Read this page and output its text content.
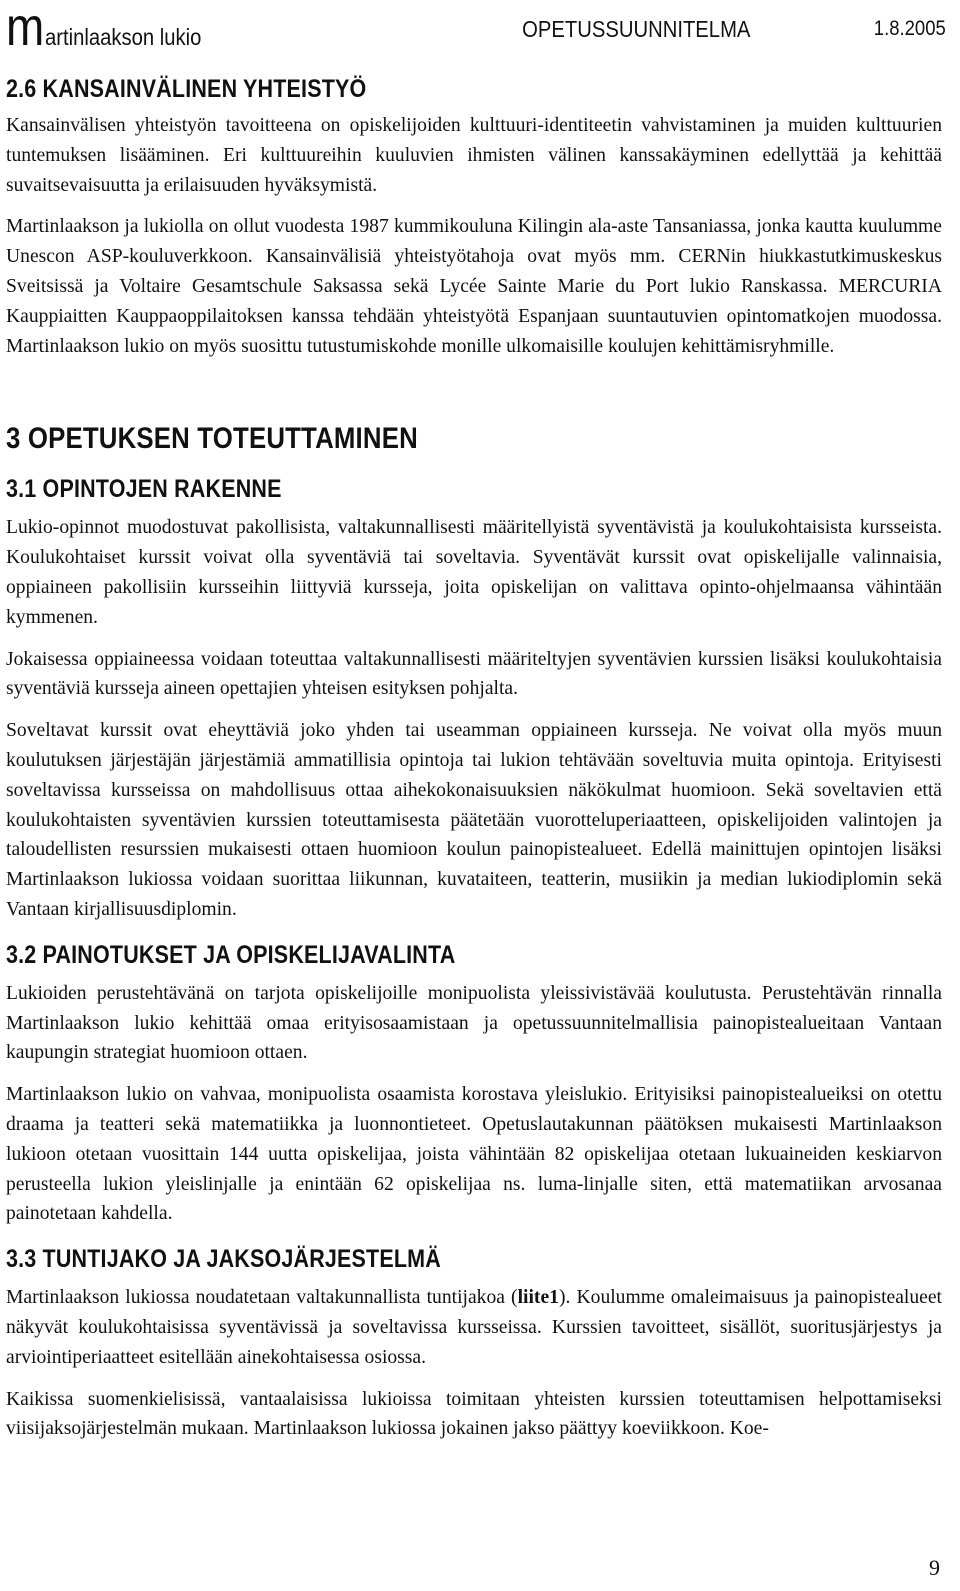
martinlaakson lukio	OPETUSSUUNNITELMA	1.8.2005
2.6 KANSAINVÄLINEN YHTEISTYÖ

Kansainvälisen yhteistyön tavoitteena on opiskelijoiden kulttuuri-identiteetin vahvistaminen ja muiden kulttuurien tuntemuksen lisääminen. Eri kulttuureihin kuuluvien ihmisten välinen kanssakäyminen edellyttää ja kehittää suvaitsevaisuutta ja erilaisuuden hyväksymistä.

Martinlaakson ja lukiolla on ollut vuodesta 1987 kummikouluna Kilingin ala-aste Tansaniassa, jonka kautta kuulumme Unescon ASP-kouluverkkoon. Kansainvälisiä yhteistyötahoja ovat myös mm. CERNin hiukkastutkimuskeskus Sveitsissä ja Voltaire Gesamtschule Saksassa sekä Lycée Sainte Marie du Port lukio Ranskassa. MERCURIA Kauppiaitten Kauppaoppilaitoksen kanssa tehdään yhteistyötä Espanjaan suuntautuvien opintomatkojen muodossa. Martinlaakson lukio on myös suosittu tutustumiskohde monille ulkomaisille koulujen kehittämisryhmille.

3 OPETUKSEN TOTEUTTAMINEN
3.1 OPINTOJEN RAKENNE

Lukio-opinnot muodostuvat pakollisista, valtakunnallisesti määritellyistä syventävistä ja koulukohtaisista kursseista. Koulukohtaiset kurssit voivat olla syventäviä tai soveltavia. Syventävät kurssit ovat opiskelijalle valinnaisia, oppiaineen pakollisiin kursseihin liittyviä kursseja, joita opiskelijan on valittava opinto-ohjelmaansa vähintään kymmenen.

Jokaisessa oppiaineessa voidaan toteuttaa valtakunnallisesti määriteltyjen syventävien kurssien lisäksi koulukohtaisia syventäviä kursseja aineen opettajien yhteisen esityksen pohjalta.

Soveltavat kurssit ovat eheyttäviä joko yhden tai useamman oppiaineen kursseja. Ne voivat olla myös muun koulutuksen järjestäjän järjestämiä ammatillisia opintoja tai lukion tehtävään soveltuvia muita opintoja. Erityisesti soveltavissa kursseissa on mahdollisuus ottaa aihekokonaisuuksien näkökulmat huomioon. Sekä soveltavien että koulukohtaisten syventävien kurssien toteuttamisesta päätetään vuorotteluperiaatteen, opiskelijoiden valintojen ja taloudellisten resurssien mukaisesti ottaen huomioon koulun painopistealueet. Edellä mainittujen opintojen lisäksi Martinlaakson lukiossa voidaan suorittaa liikunnan, kuvataiteen, teatterin, musiikin ja median lukiodiplomin sekä Vantaan kirjallisuusdiplomin.

3.2 PAINOTUKSET JA OPISKELIJAVALINTA

Lukioiden perustehtävänä on tarjota opiskelijoille monipuolista yleissivistävää koulutusta. Perustehtävän rinnalla Martinlaakson lukio kehittää omaa erityisosaamistaan ja opetussuunnitelmallisia painopistealueitaan Vantaan kaupungin strategiat huomioon ottaen.

Martinlaakson lukio on vahvaa, monipuolista osaamista korostava yleislukio. Erityisiksi painopistealueiksi on otettu draama ja teatteri sekä matematiikka ja luonnontieteet. Opetuslautakunnan päätöksen mukaisesti Martinlaakson lukioon otetaan vuosittain 144 uutta opiskelijaa, joista vähintään 82 opiskelijaa otetaan lukuaineiden keskiarvon perusteella lukion yleislinjalle ja enintään 62 opiskelijaa ns. luma-linjalle siten, että matematiikan arvosanaa painotetaan kahdella.

3.3 TUNTIJAKO JA JAKSOJÄRJESTELMÄ

Martinlaakson lukiossa noudatetaan valtakunnallista tuntijakoa (liite1). Koulumme omaleimaisuus ja painopistealueet näkyvät koulukohtaisissa syventävissä ja soveltavissa kursseissa. Kurssien tavoitteet, sisällöt, suoritusjärjestys ja arviointiperiaatteet esitellään ainekohtaisessa osiossa.

Kaikissa suomenkielisissä, vantaalaisissa lukioissa toimitaan yhteisten kurssien toteuttamisen helpottamiseksi viisijaksojärjestelmän mukaan. Martinlaakson lukiossa jokainen jakso päättyy koeviikkoon. Koe-

9
